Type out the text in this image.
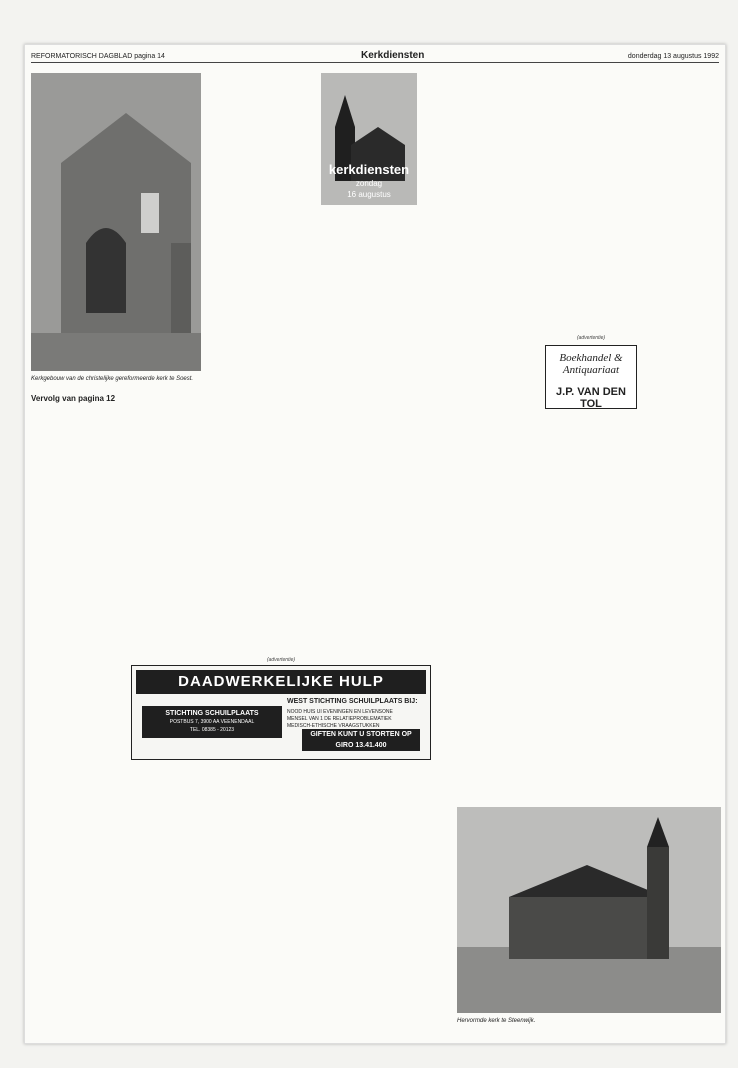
REFORMATORISCH DAGBLAD pagina 14	Kerkdiensten	donderdag 13 augustus 1992
Kerkgebouw van de christelijke gereformeerde kerk te Soest.
Vervolg van pagina 12
kerkdiensten
zondag
16 augustus
(advertentie)
DAADWERKELIJKE HULP
WEST STICHTING SCHUILPLAATS BIJ:
NOOD HUIS UI EVENINGEN EN LEVENSONE
MENSEL VAN 1 DE RELATIEPROBLEMATIEK
MEDISCH-ETHISCHE VRAAGSTUKKEN
STICHTING SCHUILPLAATS
POSTBUS 7, 3900 AA VEENENDAAL
TEL. 08385 - 20123
GIFTEN KUNT U STORTEN OP GIRO 13.41.400
(advertentie)
Boekhandel & Antiquariaat
J.P. VAN DEN TOL
Hervormde kerk te Steenwijk.
